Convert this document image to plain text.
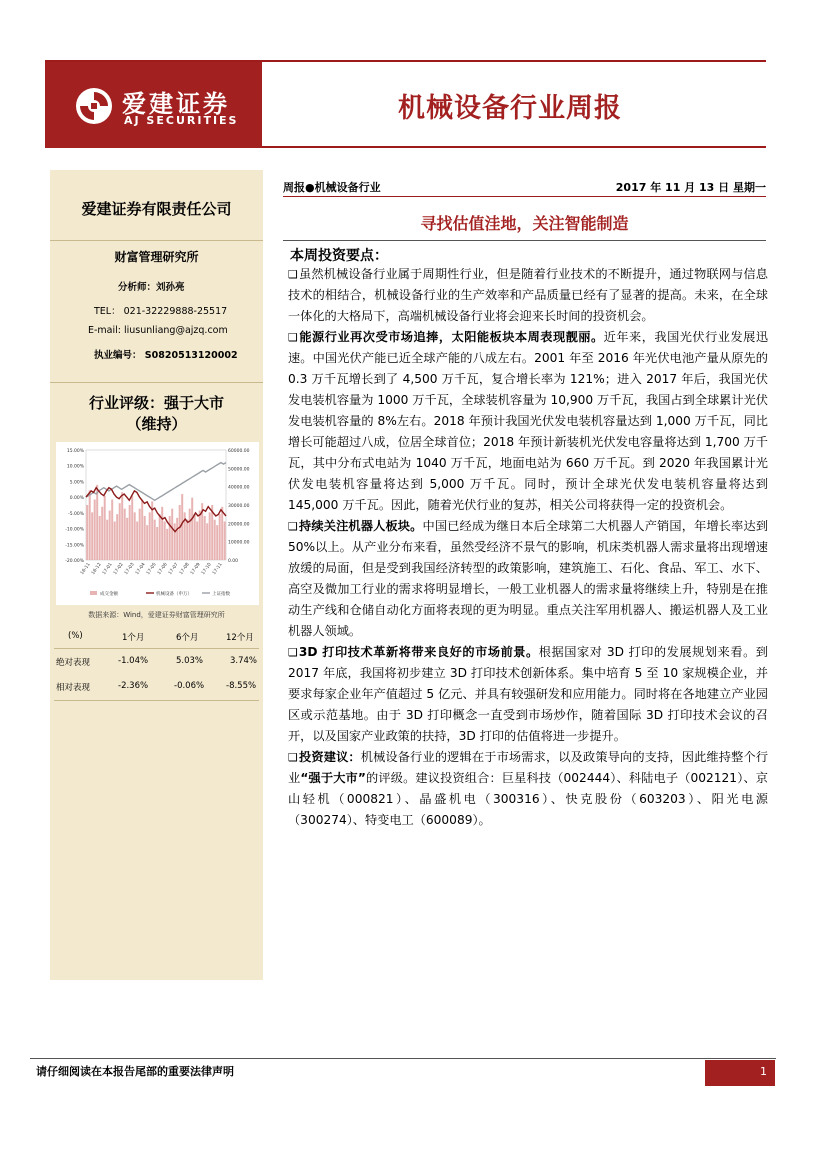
爱建证券
AJ SECURITIES	机械设备行业周报
爱建证券有限责任公司
财富管理研究所
分析师：刘孙亮
TEL： 021-32229888-25517
E-mail: liusunliang@ajzq.com
执业编号： S0820513120002
行业评级：强于大市
（维持）
15.00%
10.00%
5.00%
0.00%
-5.00%
-10.00%
-15.00%
-20.00%
60000.00
50000.00
40000.00
30000.00
20000.00
10000.00
0.00
16-11 16-12 17-01 17-02 17-03 17-04 17-05 17-06 17-07 17-08 17-09 17-10 17-11
成交金额	机械设备（申万）	上证指数
数据来源：Wind，爱建证券财富管理研究所
(%)	1个月	6个月	12个月
绝对表现	-1.04%	5.03%	3.74%
相对表现	-2.36%	-0.06%	-8.55%
周报●机械设备行业	2017 年 11 月 13 日 星期一
寻找估值洼地，关注智能制造
本周投资要点：

❑虽然机械设备行业属于周期性行业，但是随着行业技术的不断提升，通过物联网与信息技术的相结合，机械设备行业的生产效率和产品质量已经有了显著的提高。未来，在全球一体化的大格局下，高端机械设备行业将会迎来长时间的投资机会。

❑能源行业再次受市场追捧，太阳能板块本周表现靓丽。近年来，我国光伏行业发展迅速。中国光伏产能已近全球产能的八成左右。2001 年至 2016 年光伏电池产量从原先的 0.3 万千瓦增长到了 4,500 万千瓦，复合增长率为 121%；进入 2017 年后，我国光伏发电装机容量为 1000 万千瓦，全球装机容量为 10,900 万千瓦，我国占到全球累计光伏发电装机容量的 8%左右。2018 年预计我国光伏发电装机容量达到 1,000 万千瓦，同比增长可能超过八成，位居全球首位；2018 年预计新装机光伏发电容量将达到 1,700 万千瓦，其中分布式电站为 1040 万千瓦，地面电站为 660 万千瓦。到 2020 年我国累计光伏发电装机容量将达到 5,000 万千瓦。同时，预计全球光伏发电装机容量将达到 145,000 万千瓦。因此，随着光伏行业的复苏，相关公司将获得一定的投资机会。

❑持续关注机器人板块。中国已经成为继日本后全球第二大机器人产销国，年增长率达到 50%以上。从产业分布来看，虽然受经济不景气的影响，机床类机器人需求量将出现增速放缓的局面，但是受到我国经济转型的政策影响，建筑施工、石化、食品、军工、水下、高空及微加工行业的需求将明显增长，一般工业机器人的需求量将继续上升，特别是在推动生产线和仓储自动化方面将表现的更为明显。重点关注军用机器人、搬运机器人及工业机器人领域。

❑3D 打印技术革新将带来良好的市场前景。根据国家对 3D 打印的发展规划来看。到 2017 年底，我国将初步建立 3D 打印技术创新体系。集中培育 5 至 10 家规模企业，并要求每家企业年产值超过 5 亿元、并具有较强研发和应用能力。同时将在各地建立产业园区或示范基地。由于 3D 打印概念一直受到市场炒作，随着国际 3D 打印技术会议的召开，以及国家产业政策的扶持，3D 打印的估值将进一步提升。

❑投资建议：机械设备行业的逻辑在于市场需求，以及政策导向的支持，因此维持整个行业“强于大市”的评级。建议投资组合：巨星科技（002444）、科陆电子（002121）、京山轻机（000821）、晶盛机电（300316）、快克股份（603203）、阳光电源（300274）、特变电工（600089）。

请仔细阅读在本报告尾部的重要法律声明	1
